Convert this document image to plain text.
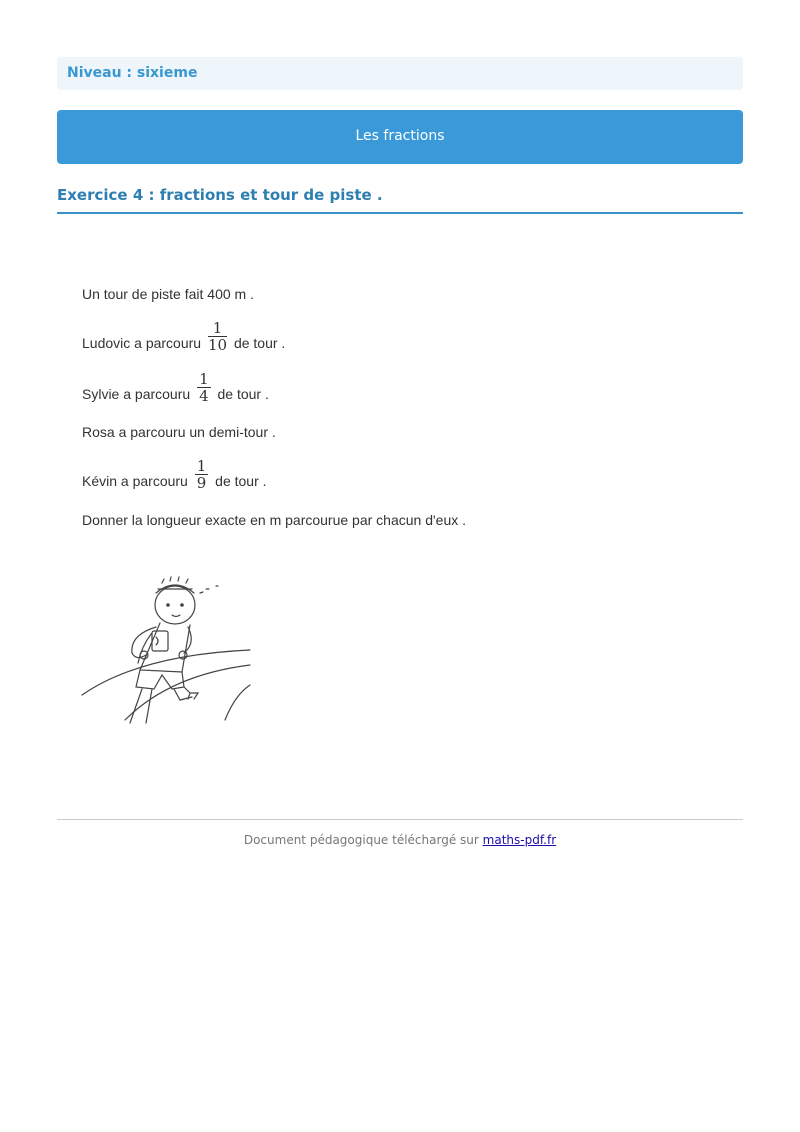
Niveau : sixieme
Les fractions
Exercice 4 : fractions et tour de piste .
Un tour de piste fait 400 m .
Ludovic a parcouru $\frac{1}{10}$ de tour .
Sylvie a parcouru $\frac{1}{4}$ de tour .
Rosa a parcouru un demi-tour .
Kévin a parcouru $\frac{1}{9}$ de tour .
Donner la longueur exacte en m parcourue par chacun d'eux .
Document pédagogique téléchargé sur maths-pdf.fr
